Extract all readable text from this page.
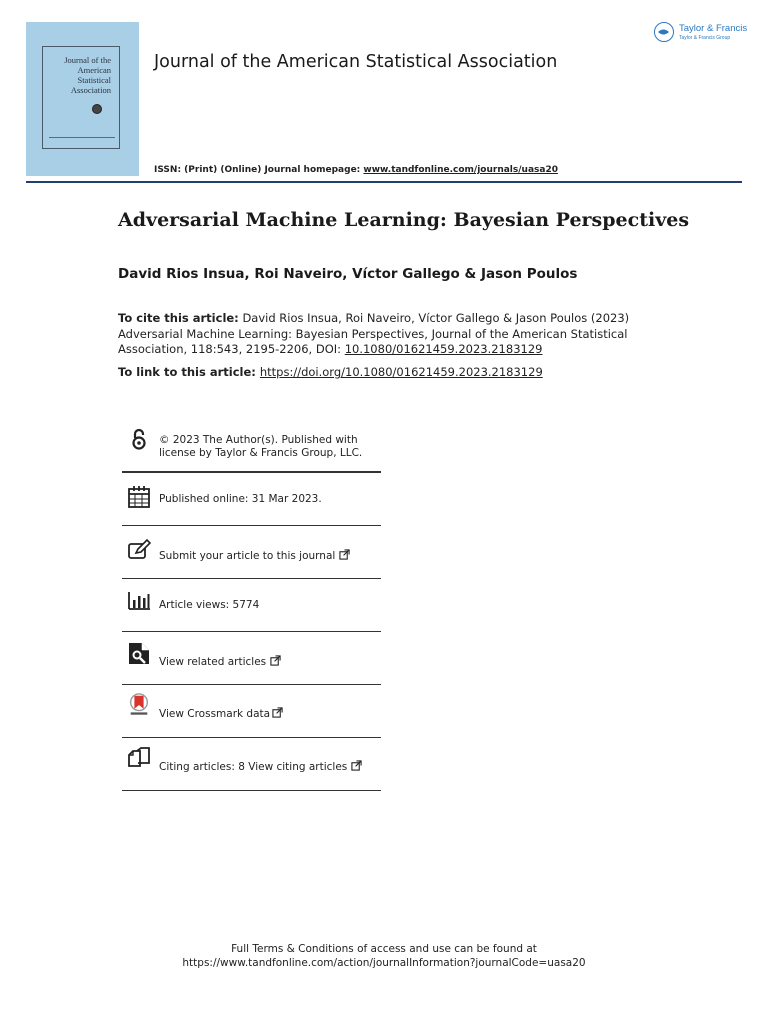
Journal of the American Statistical Association
Journal of the American Statistical Association
Taylor & Francis
Taylor & Francis Group
ISSN: (Print) (Online) Journal homepage: www.tandfonline.com/journals/uasa20
Adversarial Machine Learning: Bayesian Perspectives
David Rios Insua, Roi Naveiro, Víctor Gallego & Jason Poulos
To cite this article: David Rios Insua, Roi Naveiro, Víctor Gallego & Jason Poulos (2023) Adversarial Machine Learning: Bayesian Perspectives, Journal of the American Statistical Association, 118:543, 2195-2206, DOI: 10.1080/01621459.2023.2183129
To link to this article: https://doi.org/10.1080/01621459.2023.2183129
© 2023 The Author(s). Published with
license by Taylor & Francis Group, LLC.
Published online: 31 Mar 2023.
Submit your article to this journal
Article views: 5774
View related articles
View Crossmark data
Citing articles: 8 View citing articles
Full Terms & Conditions of access and use can be found at
https://www.tandfonline.com/action/journalInformation?journalCode=uasa20
